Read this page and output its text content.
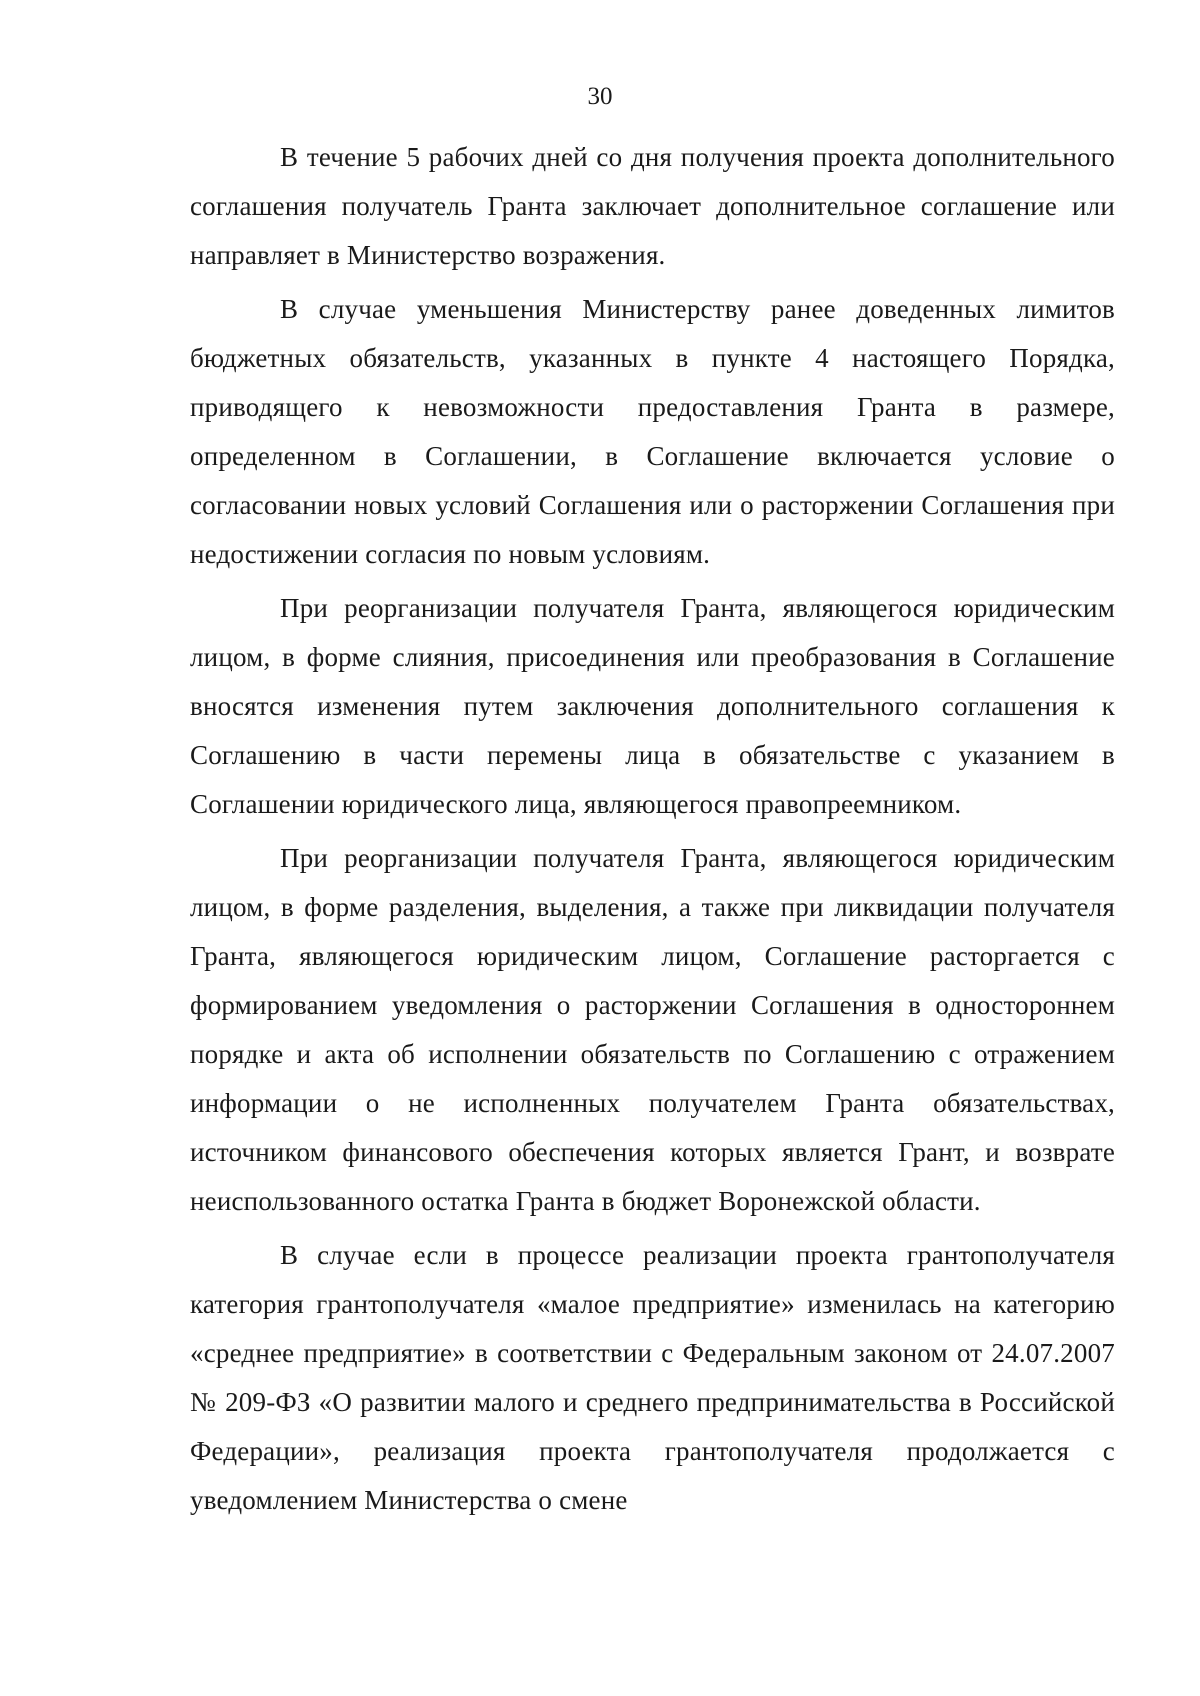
30

В течение 5 рабочих дней со дня получения проекта дополнительного соглашения получатель Гранта заключает дополнительное соглашение или направляет в Министерство возражения.

В случае уменьшения Министерству ранее доведенных лимитов бюджетных обязательств, указанных в пункте 4 настоящего Порядка, приводящего к невозможности предоставления Гранта в размере, определенном в Соглашении, в Соглашение включается условие о согласовании новых условий Соглашения или о расторжении Соглашения при недостижении согласия по новым условиям.

При реорганизации получателя Гранта, являющегося юридическим лицом, в форме слияния, присоединения или преобразования в Соглашение вносятся изменения путем заключения дополнительного соглашения к Соглашению в части перемены лица в обязательстве с указанием в Соглашении юридического лица, являющегося правопреемником.

При реорганизации получателя Гранта, являющегося юридическим лицом, в форме разделения, выделения, а также при ликвидации получателя Гранта, являющегося юридическим лицом, Соглашение расторгается с формированием уведомления о расторжении Соглашения в одностороннем порядке и акта об исполнении обязательств по Соглашению с отражением информации о не исполненных получателем Гранта обязательствах, источником финансового обеспечения которых является Грант, и возврате неиспользованного остатка Гранта в бюджет Воронежской области.

В случае если в процессе реализации проекта грантополучателя категория грантополучателя «малое предприятие» изменилась на категорию «среднее предприятие» в соответствии с Федеральным законом от 24.07.2007 № 209-ФЗ «О развитии малого и среднего предпринимательства в Российской Федерации», реализация проекта грантополучателя продолжается с уведомлением Министерства о смене
